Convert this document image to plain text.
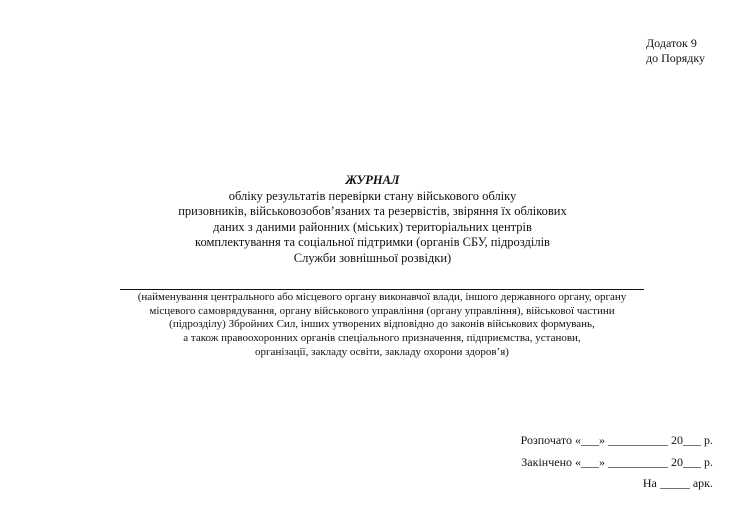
Додаток 9
до Порядку
ЖУРНАЛ
обліку результатів перевірки стану військового обліку
призовників, військовозобов’язаних та резервістів, звіряння їх облікових
даних з даними районних (міських) територіальних центрів
комплектування та соціальної підтримки (органів СБУ, підрозділів
Служби зовнішньої розвідки)
(найменування центрального або місцевого органу виконавчої влади, іншого державного органу, органу
місцевого самоврядування, органу військового управління (органу управління), військової частини
(підрозділу) Збройних Сил, інших утворених відповідно до законів військових формувань,
а також правоохоронних органів спеціального призначення, підприємства, установи,
організації, закладу освіти, закладу охорони здоров’я)
Розпочато «___» __________ 20___ р.
Закінчено «___» __________ 20___ р.
На _____ арк.
